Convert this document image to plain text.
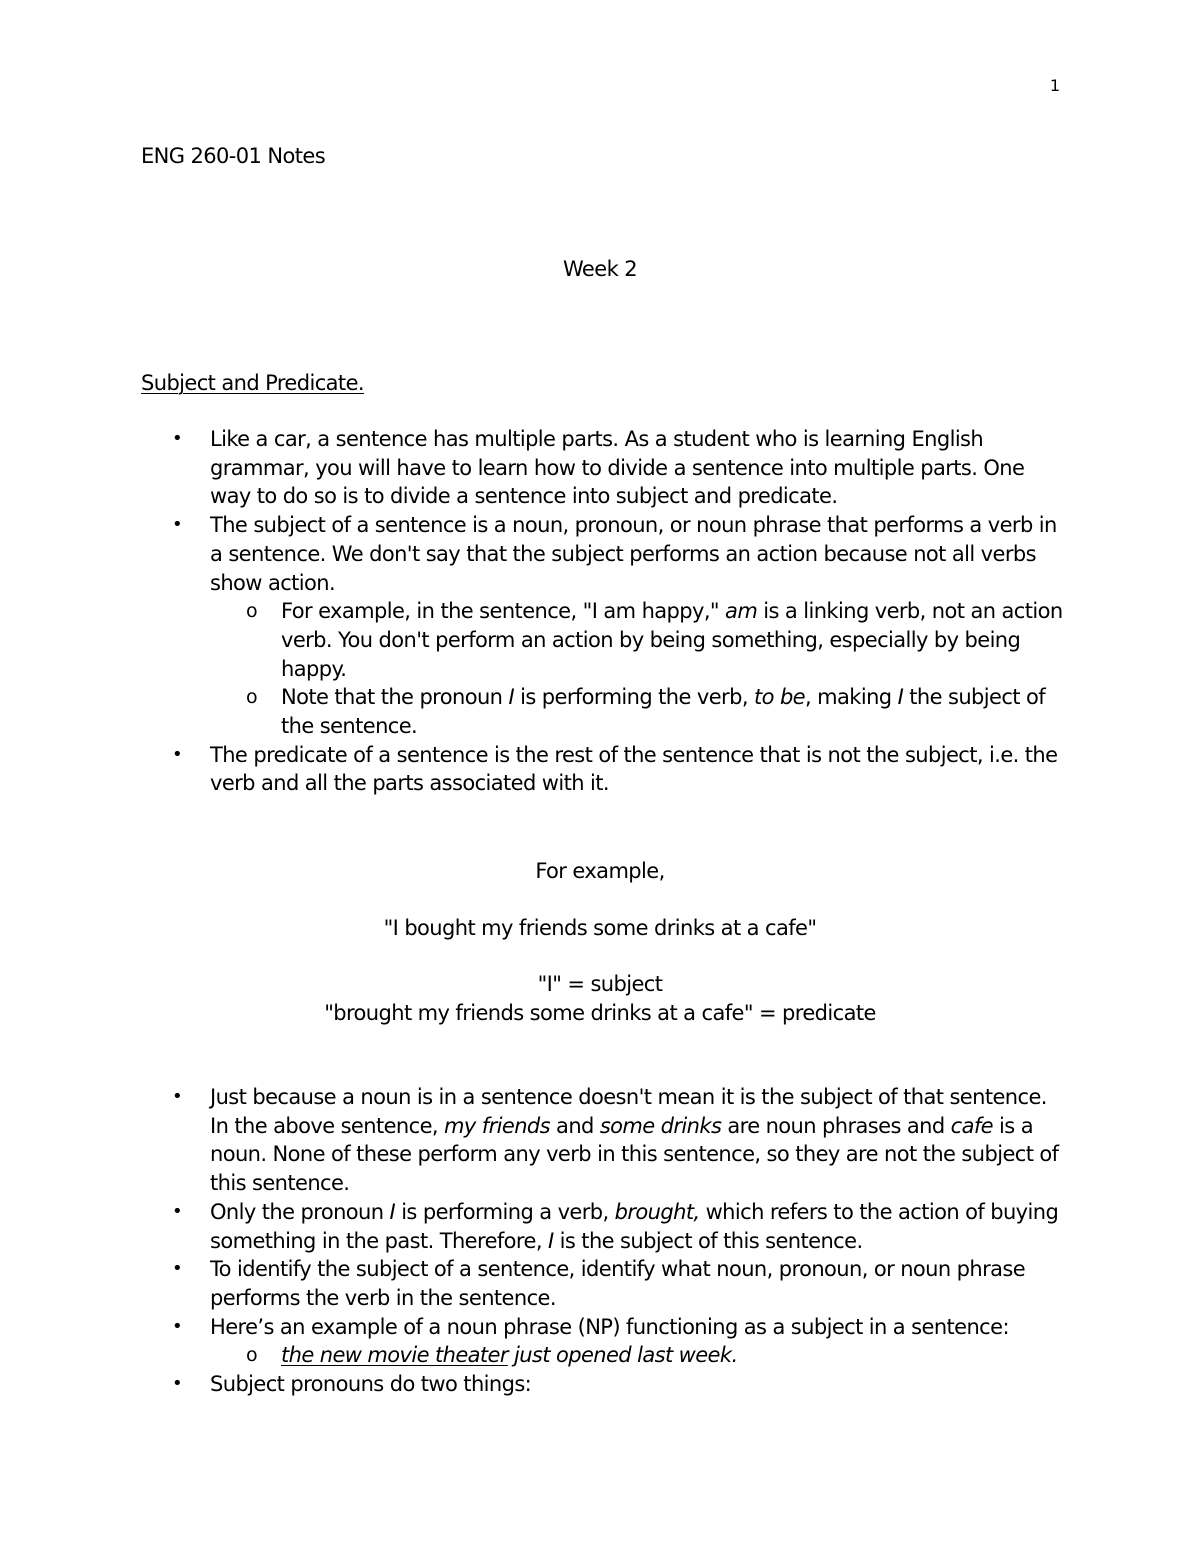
1
ENG 260-01 Notes
Week 2
Subject and Predicate.
• Like a car, a sentence has multiple parts. As a student who is learning English grammar, you will have to learn how to divide a sentence into multiple parts. One way to do so is to divide a sentence into subject and predicate.
• The subject of a sentence is a noun, pronoun, or noun phrase that performs a verb in a sentence. We don't say that the subject performs an action because not all verbs show action.
o For example, in the sentence, "I am happy," am is a linking verb, not an action verb. You don't perform an action by being something, especially by being happy.
o Note that the pronoun I is performing the verb, to be, making I the subject of the sentence.
• The predicate of a sentence is the rest of the sentence that is not the subject, i.e. the verb and all the parts associated with it.
For example,
"I bought my friends some drinks at a cafe"
"I" = subject
"brought my friends some drinks at a cafe" = predicate
• Just because a noun is in a sentence doesn't mean it is the subject of that sentence. In the above sentence, my friends and some drinks are noun phrases and cafe is a noun. None of these perform any verb in this sentence, so they are not the subject of this sentence.
• Only the pronoun I is performing a verb, brought, which refers to the action of buying something in the past. Therefore, I is the subject of this sentence.
• To identify the subject of a sentence, identify what noun, pronoun, or noun phrase performs the verb in the sentence.
• Here’s an example of a noun phrase (NP) functioning as a subject in a sentence:
o the new movie theater just opened last week.
• Subject pronouns do two things:
